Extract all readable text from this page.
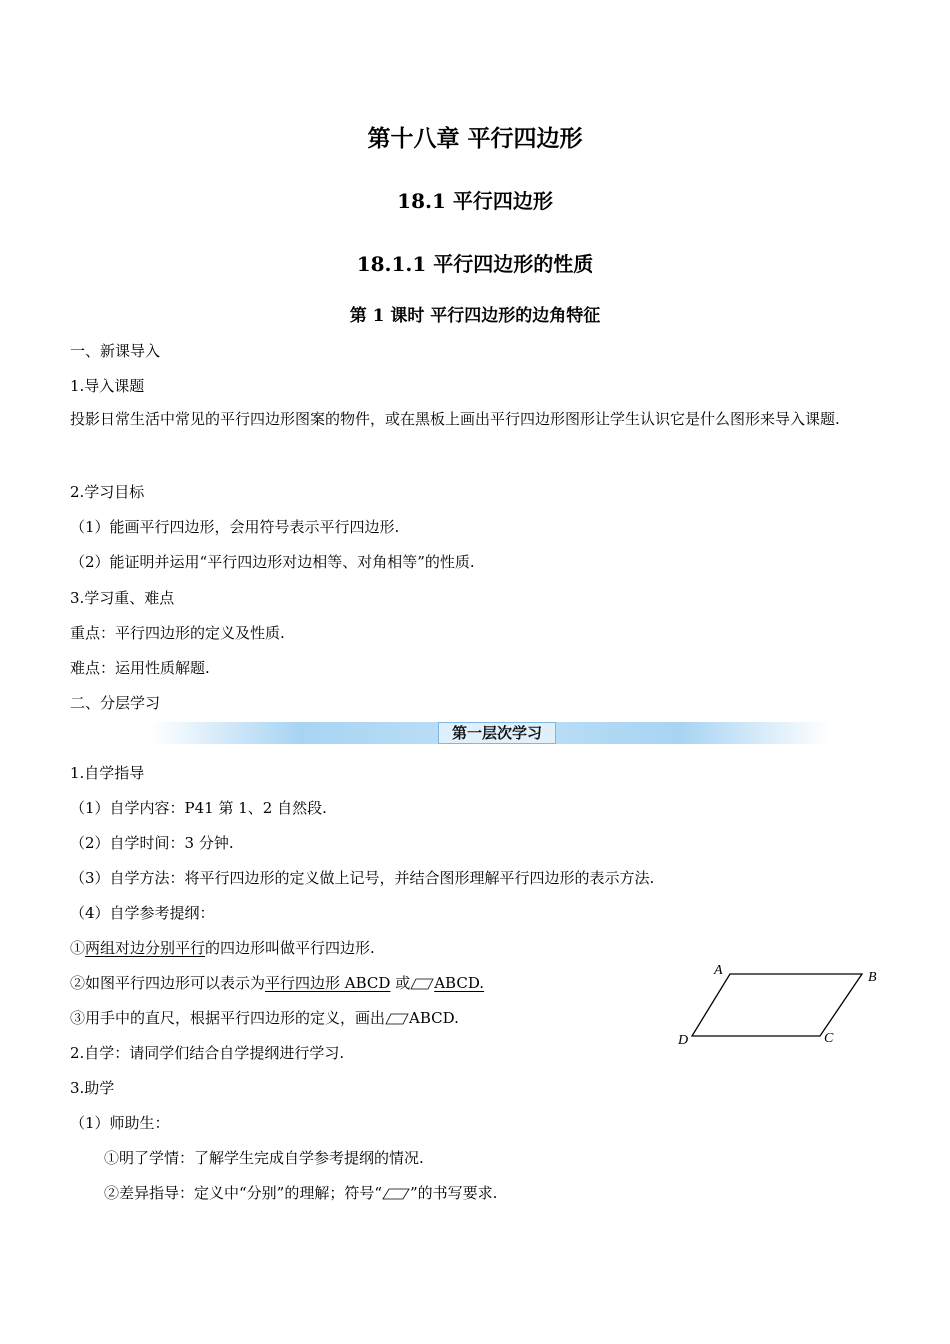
第十八章 平行四边形
18.1 平行四边形
18.1.1 平行四边形的性质
第 1 课时 平行四边形的边角特征
一、新课导入
1.导入课题
投影日常生活中常见的平行四边形图案的物件，或在黑板上画出平行四边形图形让学生认识它是什么图形来导入课题.
2.学习目标
（1）能画平行四边形，会用符号表示平行四边形.
（2）能证明并运用“平行四边形对边相等、对角相等”的性质.
3.学习重、难点
重点：平行四边形的定义及性质.
难点：运用性质解题.
二、分层学习
第一层次学习
1.自学指导
（1）自学内容：P41 第 1、2 自然段.
（2）自学时间：3 分钟.
（3）自学方法：将平行四边形的定义做上记号，并结合图形理解平行四边形的表示方法.
（4）自学参考提纲：
①两组对边分别平行的四边形叫做平行四边形.
②如图平行四边形可以表示为平行四边形 ABCD 或 ABCD.
③用手中的直尺，根据平行四边形的定义，画出 ABCD.
2.自学：请同学们结合自学提纲进行学习.
3.助学
（1）师助生：
①明了学情：了解学生完成自学参考提纲的情况.
②差异指导：定义中“分别”的理解；符号“ ”的书写要求.
A	B
C
D
